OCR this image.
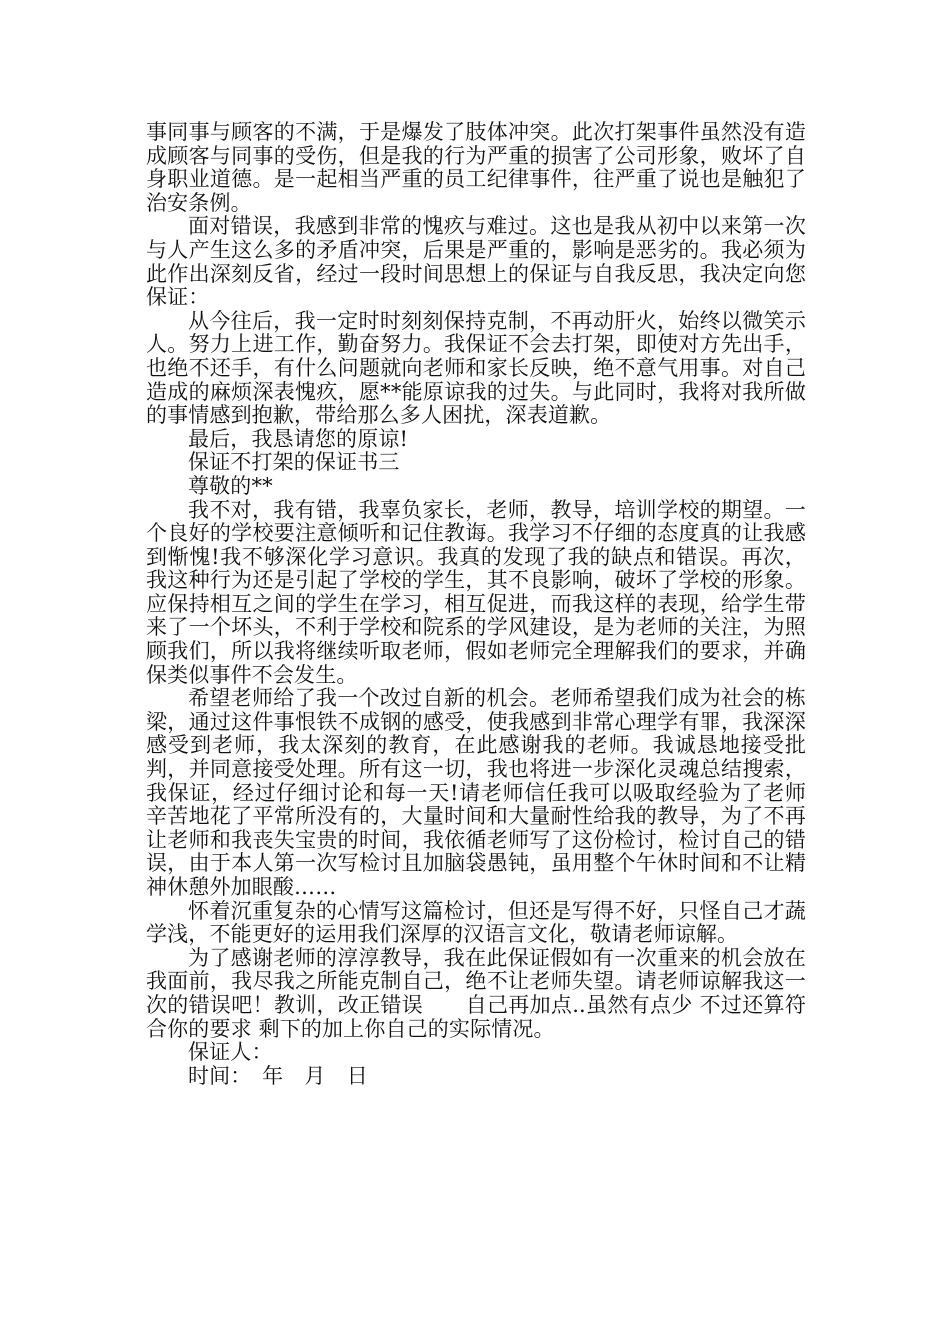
事同事与顾客的不满，于是爆发了肢体冲突。此次打架事件虽然没有造成顾客与同事的受伤，但是我的行为严重的损害了公司形象，败坏了自身职业道德。是一起相当严重的员工纪律事件，往严重了说也是触犯了治安条例。

面对错误，我感到非常的愧疚与难过。这也是我从初中以来第一次与人产生这么多的矛盾冲突，后果是严重的，影响是恶劣的。我必须为此作出深刻反省，经过一段时间思想上的保证与自我反思，我决定向您保证：

从今往后，我一定时时刻刻保持克制，不再动肝火，始终以微笑示人。努力上进工作，勤奋努力。我保证不会去打架，即使对方先出手，也绝不还手，有什么问题就向老师和家长反映，绝不意气用事。对自己造成的麻烦深表愧疚，愿**能原谅我的过失。与此同时，我将对我所做的事情感到抱歉，带给那么多人困扰，深表道歉。

最后，我恳请您的原谅!

保证不打架的保证书三

尊敬的**

我不对，我有错，我辜负家长，老师，教导，培训学校的期望。一个良好的学校要注意倾听和记住教诲。我学习不仔细的态度真的让我感到惭愧!我不够深化学习意识。我真的发现了我的缺点和错误。再次，我这种行为还是引起了学校的学生，其不良影响，破坏了学校的形象。应保持相互之间的学生在学习，相互促进，而我这样的表现，给学生带来了一个坏头，不利于学校和院系的学风建设，是为老师的关注，为照顾我们，所以我将继续听取老师，假如老师完全理解我们的要求，并确保类似事件不会发生。

希望老师给了我一个改过自新的机会。老师希望我们成为社会的栋梁，通过这件事恨铁不成钢的感受，使我感到非常心理学有罪，我深深感受到老师，我太深刻的教育，在此感谢我的老师。我诚恳地接受批判，并同意接受处理。所有这一切，我也将进一步深化灵魂总结搜索，我保证，经过仔细讨论和每一天!请老师信任我可以吸取经验为了老师辛苦地花了平常所没有的，大量时间和大量耐性给我的教导，为了不再让老师和我丧失宝贵的时间，我依循老师写了这份检讨，检讨自己的错误，由于本人第一次写检讨且加脑袋愚钝，虽用整个午休时间和不让精神休憩外加眼酸……

怀着沉重复杂的心情写这篇检讨，但还是写得不好，只怪自己才蔬学浅，不能更好的运用我们深厚的汉语言文化，敬请老师谅解。

为了感谢老师的淳淳教导，我在此保证假如有一次重来的机会放在我面前，我尽我之所能克制自己，绝不让老师失望。请老师谅解我这一次的错误吧！教训，改正错误　　自己再加点..虽然有点少 不过还算符合你的要求 剩下的加上你自己的实际情况。

保证人：

时间：　年　月　日
